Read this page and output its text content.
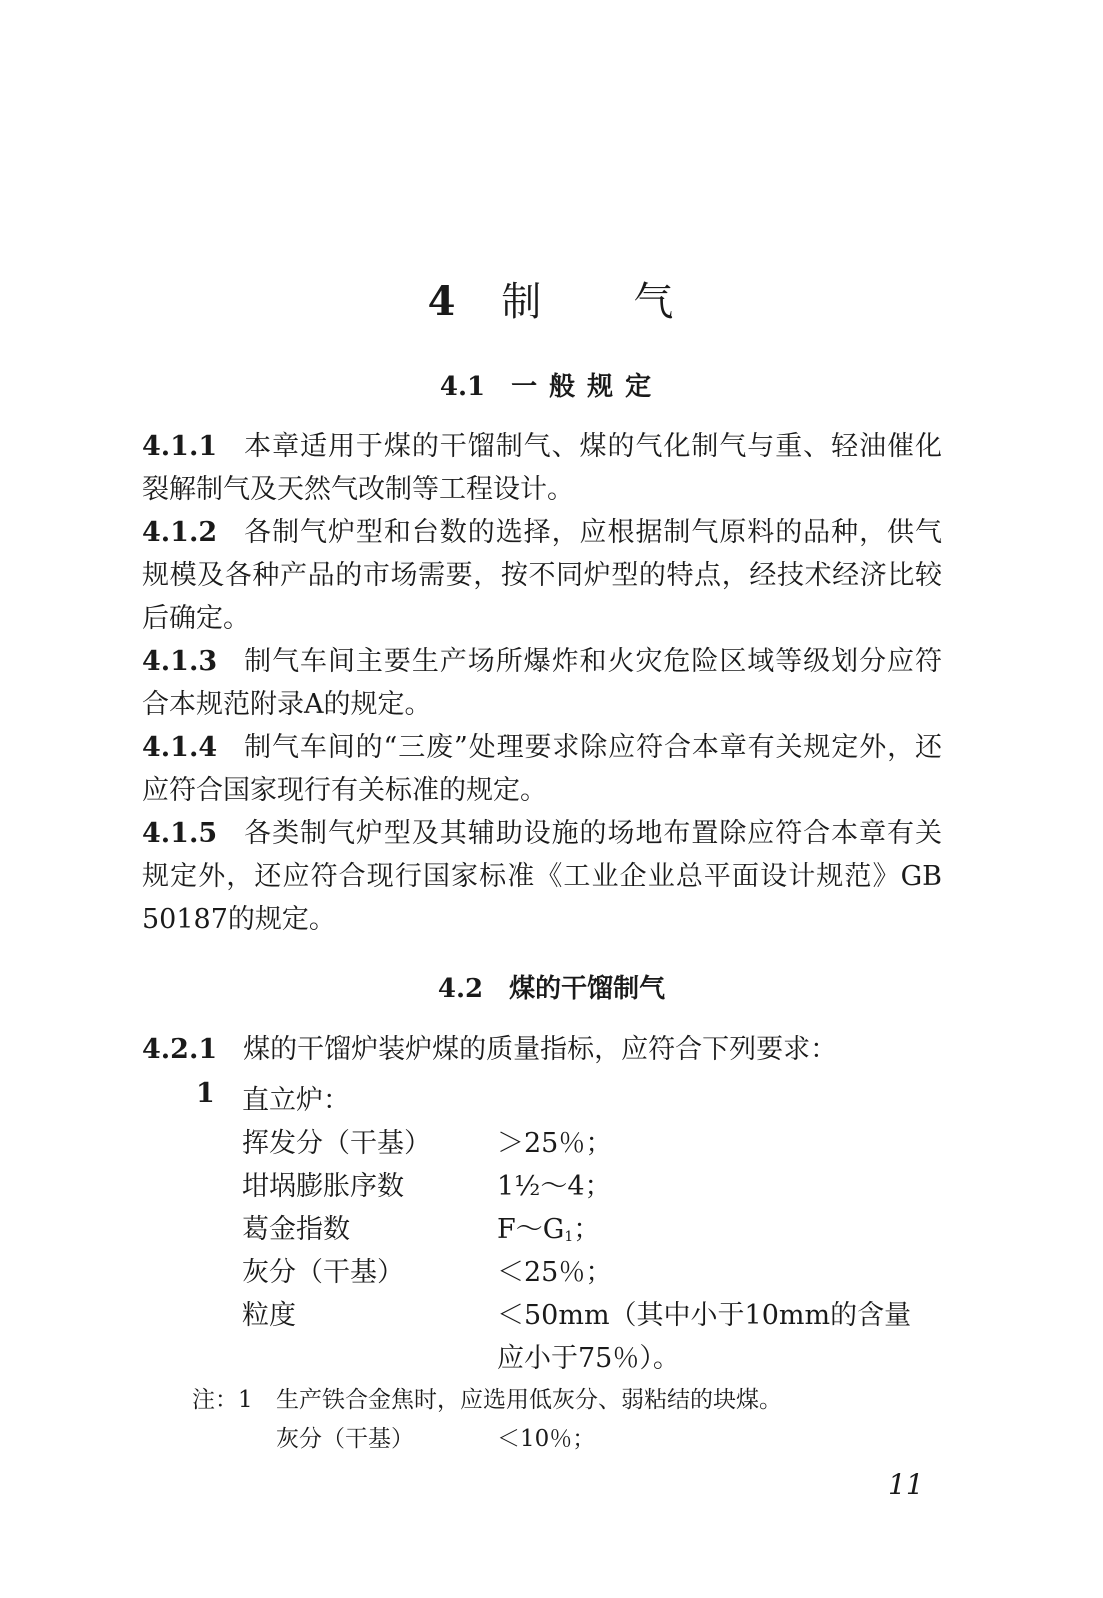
4 制 气
4.1 一般规定

4.1.1 本章适用于煤的干馏制气、煤的气化制气与重、轻油催化裂解制气及天然气改制等工程设计。

4.1.2 各制气炉型和台数的选择，应根据制气原料的品种，供气规模及各种产品的市场需要，按不同炉型的特点，经技术经济比较后确定。

4.1.3 制气车间主要生产场所爆炸和火灾危险区域等级划分应符合本规范附录A的规定。

4.1.4 制气车间的“三废”处理要求除应符合本章有关规定外，还应符合国家现行有关标准的规定。

4.1.5 各类制气炉型及其辅助设施的场地布置除应符合本章有关规定外，还应符合现行国家标准《工业企业总平面设计规范》GB 50187的规定。

4.2 煤的干馏制气

4.2.1 煤的干馏炉装炉煤的质量指标，应符合下列要求：

1 直立炉：
挥发分（干基） ＞25％；
坩埚膨胀序数	1½～4；
葛金指数	$F\sim G_1$；
灰分（干基）	＜25％；
粒度	＜50mm（其中小于10mm的含量
应小于75％）。
注：1 生产铁合金焦时，应选用低灰分、弱粘结的块煤。
灰分（干基）	＜10％；
11
